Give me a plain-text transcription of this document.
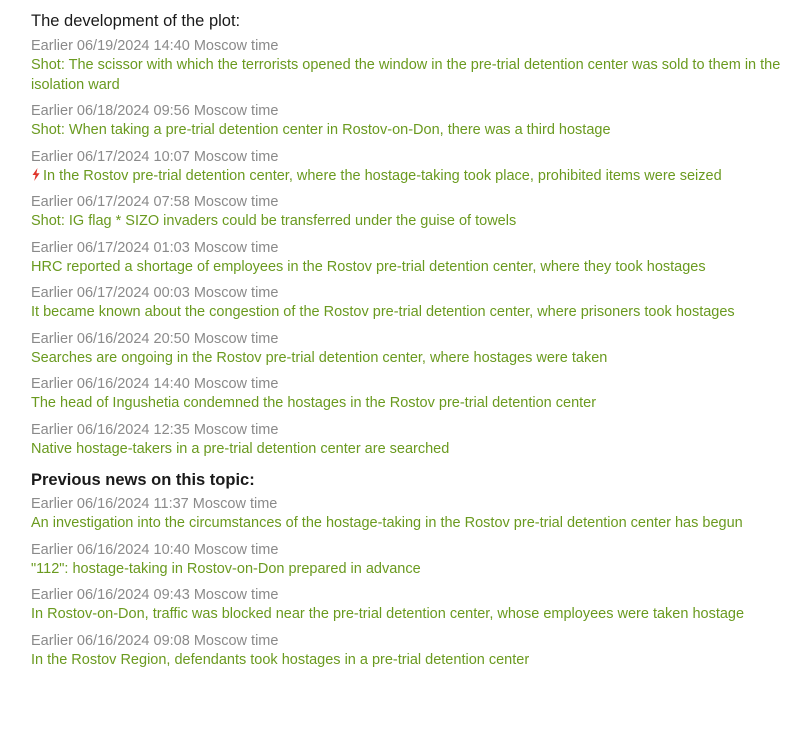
The development of the plot:
Earlier 06/19/2024 14:40 Moscow time
Shot: The scissor with which the terrorists opened the window in the pre-trial detention center was sold to them in the isolation ward
Earlier 06/18/2024 09:56 Moscow time
Shot: When taking a pre-trial detention center in Rostov-on-Don, there was a third hostage
Earlier 06/17/2024 10:07 Moscow time
In the Rostov pre-trial detention center, where the hostage-taking took place, prohibited items were seized
Earlier 06/17/2024 07:58 Moscow time
Shot: IG flag * SIZO invaders could be transferred under the guise of towels
Earlier 06/17/2024 01:03 Moscow time
HRC reported a shortage of employees in the Rostov pre-trial detention center, where they took hostages
Earlier 06/17/2024 00:03 Moscow time
It became known about the congestion of the Rostov pre-trial detention center, where prisoners took hostages
Earlier 06/16/2024 20:50 Moscow time
Searches are ongoing in the Rostov pre-trial detention center, where hostages were taken
Earlier 06/16/2024 14:40 Moscow time
The head of Ingushetia condemned the hostages in the Rostov pre-trial detention center
Earlier 06/16/2024 12:35 Moscow time
Native hostage-takers in a pre-trial detention center are searched
Previous news on this topic:
Earlier 06/16/2024 11:37 Moscow time
An investigation into the circumstances of the hostage-taking in the Rostov pre-trial detention center has begun
Earlier 06/16/2024 10:40 Moscow time
"112": hostage-taking in Rostov-on-Don prepared in advance
Earlier 06/16/2024 09:43 Moscow time
In Rostov-on-Don, traffic was blocked near the pre-trial detention center, whose employees were taken hostage
Earlier 06/16/2024 09:08 Moscow time
In the Rostov Region, defendants took hostages in a pre-trial detention center
